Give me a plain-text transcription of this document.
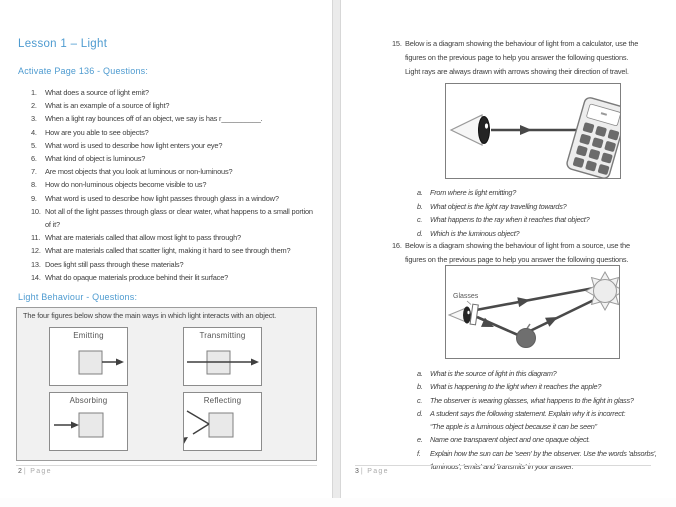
Lesson 1 – Light
Activate Page 136 - Questions:
1.	What does a source of light emit?
2.	What is an example of a source of light?
3.	When a light ray bounces off of an object, we say is has r__________.
4.	How are you able to see objects?
5.	What word is used to describe how light enters your eye?
6.	What kind of object is luminous?
7.	Are most objects that you look at luminous or non-luminous?
8.	How do non-luminous objects become visible to us?
9.	What word is used to describe how light passes through glass in a window?
10. Not all of the light passes through glass or clear water, what happens to a small portion of it?
11. What are materials called that allow most light to pass through?
12. What are materials called that scatter light, making it hard to see through them?
13. Does light still pass through these materials?
14. What do opaque materials produce behind their lit surface?
Light Behaviour - Questions:
The four figures below show the main ways in which light interacts with an object.
Emitting	Transmitting
Absorbing	Reflecting
2 | Page
15. Below is a diagram showing the behaviour of light from a calculator, use the figures on the previous page to help you answer the following questions. Light rays are always drawn with arrows showing their direction of travel.
a.	From where is light emitting?
b.	What object is the light ray travelling towards?
c.	What happens to the ray when it reaches that object?
d.	Which is the luminous object?
16. Below is a diagram showing the behaviour of light from a source, use the figures on the previous page to help you answer the following questions.
Glasses
a.	What is the source of light in this diagram?
b.	What is happening to the light when it reaches the apple?
c.	The observer is wearing glasses, what happens to the light in glass?
d.	A student says the following statement. Explain why it is incorrect:
“The apple is a luminous object because it can be seen”
e.	Name one transparent object and one opaque object.
f.	Explain how the sun can be 'seen' by the observer. Use the words 'absorbs', 'luminous', 'emits' and 'transmits' in your answer.
3 | Page
